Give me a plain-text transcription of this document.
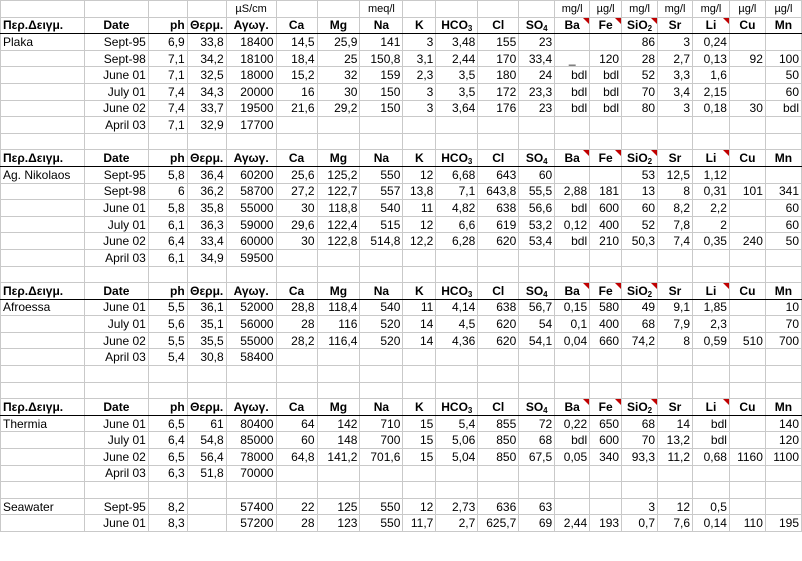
				µS/cm			meq/l					mg/l	µg/l	mg/l	mg/l	mg/l	µg/l	µg/l
Περ.Δειγμ.	Date	ph	Θερμ.	Αγωγ.	Ca	Mg	Na	K	$HCO_3$	Cl	$SO_4$	Ba	Fe	SiO$_2$	Sr	Li	Cu	Mn
Plaka	Sept-95	6,9	33,8	18400	14,5	25,9	141	3	3,48	155	23			86	3	0,24		
	Sept-98	7,1	34,2	18100	18,4	25	150,8	3,1	2,44	170	33,4	_	120	28	2,7	0,13	92	100
	June 01	7,1	32,5	18000	15,2	32	159	2,3	3,5	180	24	bdl	bdl	52	3,3	1,6		50
	July 01	7,4	34,3	20000	16	30	150	3	3,5	172	23,3	bdl	bdl	70	3,4	2,15		60
	June 02	7,4	33,7	19500	21,6	29,2	150	3	3,64	176	23	bdl	bdl	80	3	0,18	30	bdl
	April 03	7,1	32,9	17700														

Περ.Δειγμ.	Date	ph	Θερμ.	Αγωγ.	Ca	Mg	Na	K	$HCO_3$	Cl	$SO_4$	Ba	Fe	SiO$_2$	Sr	Li	Cu	Mn
Ag. Nikolaos	Sept-95	5,8	36,4	60200	25,6	125,2	550	12	6,68	643	60			53	12,5	1,12		
	Sept-98	6	36,2	58700	27,2	122,7	557	13,8	7,1	643,8	55,5	2,88	181	13	8	0,31	101	341
	June 01	5,8	35,8	55000	30	118,8	540	11	4,82	638	56,6	bdl	600	60	8,2	2,2		60
	July 01	6,1	36,3	59000	29,6	122,4	515	12	6,6	619	53,2	0,12	400	52	7,8	2		60
	June 02	6,4	33,4	60000	30	122,8	514,8	12,2	6,28	620	53,4	bdl	210	50,3	7,4	0,35	240	50
	April 03	6,1	34,9	59500														

Περ.Δειγμ.	Date	ph	Θερμ.	Αγωγ.	Ca	Mg	Na	K	$HCO_3$	Cl	$SO_4$	Ba	Fe	SiO$_2$	Sr	Li	Cu	Mn
Afroessa	June 01	5,5	36,1	52000	28,8	118,4	540	11	4,14	638	56,7	0,15	580	49	9,1	1,85		10
	July 01	5,6	35,1	56000	28	116	520	14	4,5	620	54	0,1	400	68	7,9	2,3		70
	June 02	5,5	35,5	55000	28,2	116,4	520	14	4,36	620	54,1	0,04	660	74,2	8	0,59	510	700
	April 03	5,4	30,8	58400														

Περ.Δειγμ.	Date	ph	Θερμ.	Αγωγ.	Ca	Mg	Na	K	$HCO_3$	Cl	$SO_4$	Ba	Fe	SiO$_2$	Sr	Li	Cu	Mn
Thermia	June 01	6,5	61	80400	64	142	710	15	5,4	855	72	0,22	650	68	14	bdl		140
	July 01	6,4	54,8	85000	60	148	700	15	5,06	850	68	bdl	600	70	13,2	bdl		120
	June 02	6,5	56,4	78000	64,8	141,2	701,6	15	5,04	850	67,5	0,05	340	93,3	11,2	0,68	1160	1100
	April 03	6,3	51,8	70000														

Seawater	Sept-95	8,2		57400	22	125	550	12	2,73	636	63			3	12	0,5		
	June 01	8,3		57200	28	123	550	11,7	2,7	625,7	69	2,44	193	0,7	7,6	0,14	110	195
